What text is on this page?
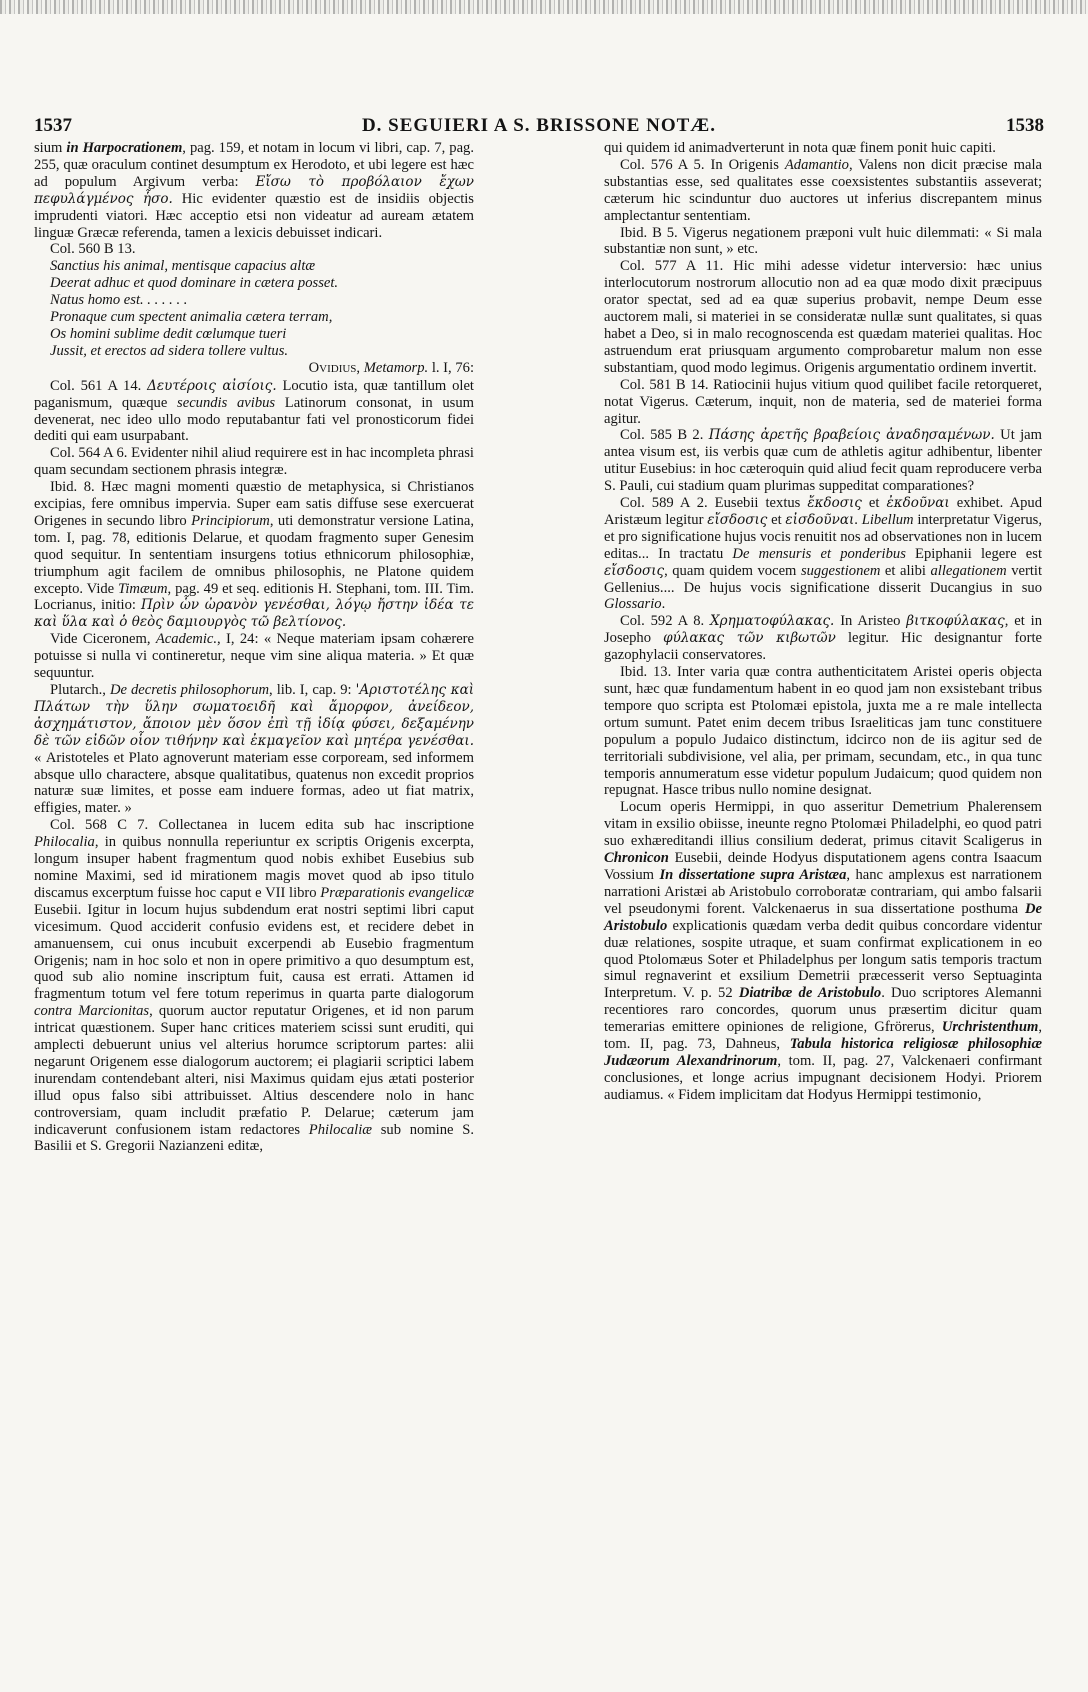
1537	D. SEGUIERI A S. BRISSONE NOTÆ.	1538

sium in Harpocrationem, pag. 159, et notam in locum vi libri, cap. 7, pag. 255, quæ oraculum continet desumptum ex Herodoto, et ubi legere est hæc ad populum Argivum verba: Εἴσω τὸ προβόλαιον ἔχων πεφυλάγμένος ἧσο. Hic evidenter quæstio est de insidiis objectis imprudenti viatori. Hæc acceptio etsi non videatur ad auream ætatem linguæ Græcæ referenda, tamen a lexicis debuisset indicari.

Col. 560 B 13.

Sanctius his animal, mentisque capacius altæ

Deerat adhuc et quod dominare in cætera posset.

Natus homo est. . . . . . .

Pronaque cum spectent animalia cætera terram,

Os homini sublime dedit cœlumque tueri

Jussit, et erectos ad sidera tollere vultus.

OVIDIUS, Metamorp. l. I, 76:

Col. 561 A 14. Δευτέροις αἰσίοις. Locutio ista, quæ tantillum olet paganismum, quæque secundis avibus Latinorum consonat, in usum devenerat, nec ideo ullo modo reputabantur fati vel pronosticorum fidei dediti qui eam usurpabant.

Col. 564 A 6. Evidenter nihil aliud requirere est in hac incompleta phrasi quam secundam sectionem phrasis integræ.

Ibid. 8. Hæc magni momenti quæstio de metaphysica, si Christianos excipias, fere omnibus impervia. Super eam satis diffuse sese exercuerat Origenes in secundo libro Principiorum, uti demonstratur versione Latina, tom. I, pag. 78, editionis Delarue, et quodam fragmento super Genesim quod sequitur. In sententiam insurgens totius ethnicorum philosophiæ, triumphum agit facilem de omnibus philosophis, ne Platone quidem excepto. Vide Timæum, pag. 49 et seq. editionis H. Stephani, tom. III. Tim. Locrianus, initio: Πρὶν ὧν ὠρανὸν γενέσθαι, λόγῳ ἤστην ἰδέα τε καὶ ὕλα καὶ ὁ θεὸς δαμιουργὸς τῶ βελτίονος.

Vide Ciceronem, Academic., I, 24: « Neque materiam ipsam cohærere potuisse si nulla vi contineretur, neque vim sine aliqua materia. » Et quæ sequuntur.

Plutarch., De decretis philosophorum, lib. I, cap. 9: 'Αριστοτέλης καὶ Πλάτων τὴν ὕλην σωματοειδῆ καὶ ἄμορφον, ἀνείδεον, ἀσχημάτιστον, ἄποιον μὲν ὅσον ἐπὶ τῇ ἰδίᾳ φύσει, δεξαμένην δὲ τῶν εἰδῶν οἷον τιθήνην καὶ ἐκμαγεῖον καὶ μητέρα γενέσθαι. « Aristoteles et Plato agnoverunt materiam esse corpoream, sed informem absque ullo charactere, absque qualitatibus, quatenus non excedit proprios naturæ suæ limites, et posse eam induere formas, adeo ut fiat matrix, effigies, mater. »

Col. 568 C 7. Collectanea in lucem edita sub hac inscriptione Philocalia, in quibus nonnulla reperiuntur ex scriptis Origenis excerpta, longum insuper habent fragmentum quod nobis exhibet Eusebius sub nomine Maximi, sed id mirationem magis movet quod ab ipso titulo discamus excerptum fuisse hoc caput e VII libro Præparationis evangelicæ Eusebii. Igitur in locum hujus subdendum erat nostri septimi libri caput vicesimum. Quod acciderit confusio evidens est, et recidere debet in amanuensem, cui onus incubuit excerpendi ab Eusebio fragmentum Origenis; nam in hoc solo et non in opere primitivo a quo desumptum est, quod sub alio nomine inscriptum fuit, causa est errati. Attamen id fragmentum totum vel fere totum reperimus in quarta parte dialogorum contra Marcionitas, quorum auctor reputatur Origenes, et id non parum intricat quæstionem. Super hanc critices materiem scissi sunt eruditi, qui amplecti debuerunt unius vel alterius horumce scriptorum partes: alii negarunt Origenem esse dialogorum auctorem; ei plagiarii scriptici labem inurendam contendebant alteri, nisi Maximus quidam ejus ætati posterior illud opus falso sibi attribuisset. Altius descendere nolo in hanc controversiam, quam includit præfatio P. Delarue; cæterum jam indicaverunt confusionem istam redactores Philocaliæ sub nomine S. Basilii et S. Gregorii Nazianzeni editæ,

qui quidem id animadverterunt in nota quæ finem ponit huic capiti.

Col. 576 A 5. In Origenis Adamantio, Valens non dicit præcise mala substantias esse, sed qualitates esse coexsistentes substantiis asseverat; cæterum hic scinduntur duo auctores ut inferius discrepantem minus amplectantur sententiam.

Ibid. B 5. Vigerus negationem præponi vult huic dilemmati: « Si mala substantiæ non sunt, » etc.

Col. 577 A 11. Hic mihi adesse videtur interversio: hæc unius interlocutorum nostrorum allocutio non ad ea quæ modo dixit præcipuus orator spectat, sed ad ea quæ superius probavit, nempe Deum esse auctorem mali, si materiei in se consideratæ nullæ sunt qualitates, si quas habet a Deo, si in malo recognoscenda est quædam materiei qualitas. Hoc astruendum erat priusquam argumento comprobaretur malum non esse substantiam, quod modo legimus. Origenis argumentatio ordinem invertit.

Col. 581 B 14. Ratiocinii hujus vitium quod quilibet facile retorqueret, notat Vigerus. Cæterum, inquit, non de materia, sed de materiei forma agitur.

Col. 585 B 2. Πάσης ἀρετῆς βραβείοις ἀναδησαμένων. Ut jam antea visum est, iis verbis quæ cum de athletis agitur adhibentur, libenter utitur Eusebius: in hoc cæteroquin quid aliud fecit quam reproducere verba S. Pauli, cui stadium quam plurimas suppeditat comparationes?

Col. 589 A 2. Eusebii textus ἔκδοσις et ἐκδοῦναι exhibet. Apud Aristæum legitur εἴσδοσις et εἰσδοῦναι. Libellum interpretatur Vigerus, et pro significatione hujus vocis renuitit nos ad observationes non in lucem editas... In tractatu De mensuris et ponderibus Epiphanii legere est εἴσδοσις, quam quidem vocem suggestionem et alibi allegationem vertit Gellenius.... De hujus vocis significatione disserit Ducangius in suo Glossario.

Col. 592 A 8. Χρηματοφύλακας. In Aristeo βιτκοφύλακας, et in Josepho φύλακας τῶν κιβωτῶν legitur. Hic designantur forte gazophylacii conservatores.

Ibid. 13. Inter varia quæ contra authenticitatem Aristei operis objecta sunt, hæc quæ fundamentum habent in eo quod jam non exsistebant tribus tempore quo scripta est Ptolomæi epistola, juxta me a re male intellecta ortum sumunt. Patet enim decem tribus Israeliticas jam tunc constituere populum a populo Judaico distinctum, idcirco non de iis agitur sed de territoriali subdivisione, vel alia, per primam, secundam, etc., in qua tunc temporis annumeratum esse videtur populum Judaicum; quod quidem non repugnat. Hasce tribus nullo nomine designat.

Locum operis Hermippi, in quo asseritur Demetrium Phalerensem vitam in exsilio obiisse, ineunte regno Ptolomæi Philadelphi, eo quod patri suo exhæreditandi illius consilium dederat, primus citavit Scaligerus in Chronicon Eusebii, deinde Hodyus disputationem agens contra Isaacum Vossium In dissertatione supra Aristæa, hanc amplexus est narrationem narrationi Aristæi ab Aristobulo corroboratæ contrariam, qui ambo falsarii vel pseudonymi forent. Valckenaerus in sua dissertatione posthuma De Aristobulo explicationis quædam verba dedit quibus concordare videntur duæ relationes, sospite utraque, et suam confirmat explicationem in eo quod Ptolomæus Soter et Philadelphus per longum satis temporis tractum simul regnaverint et exsilium Demetrii præcesserit verso Septuaginta Interpretum. V. p. 52 Diatribæ de Aristobulo. Duo scriptores Alemanni recentiores raro concordes, quorum unus præsertim dicitur quam temerarias emittere opiniones de religione, Gfrörerus, Urchristenthum, tom. II, pag. 73, Dahneus, Tabula historica religiosæ philosophiæ Judæorum Alexandrinorum, tom. II, pag. 27, Valckenaeri confirmant conclusiones, et longe acrius impugnant decisionem Hodyi. Priorem audiamus. « Fidem implicitam dat Hodyus Hermippi testimonio,
